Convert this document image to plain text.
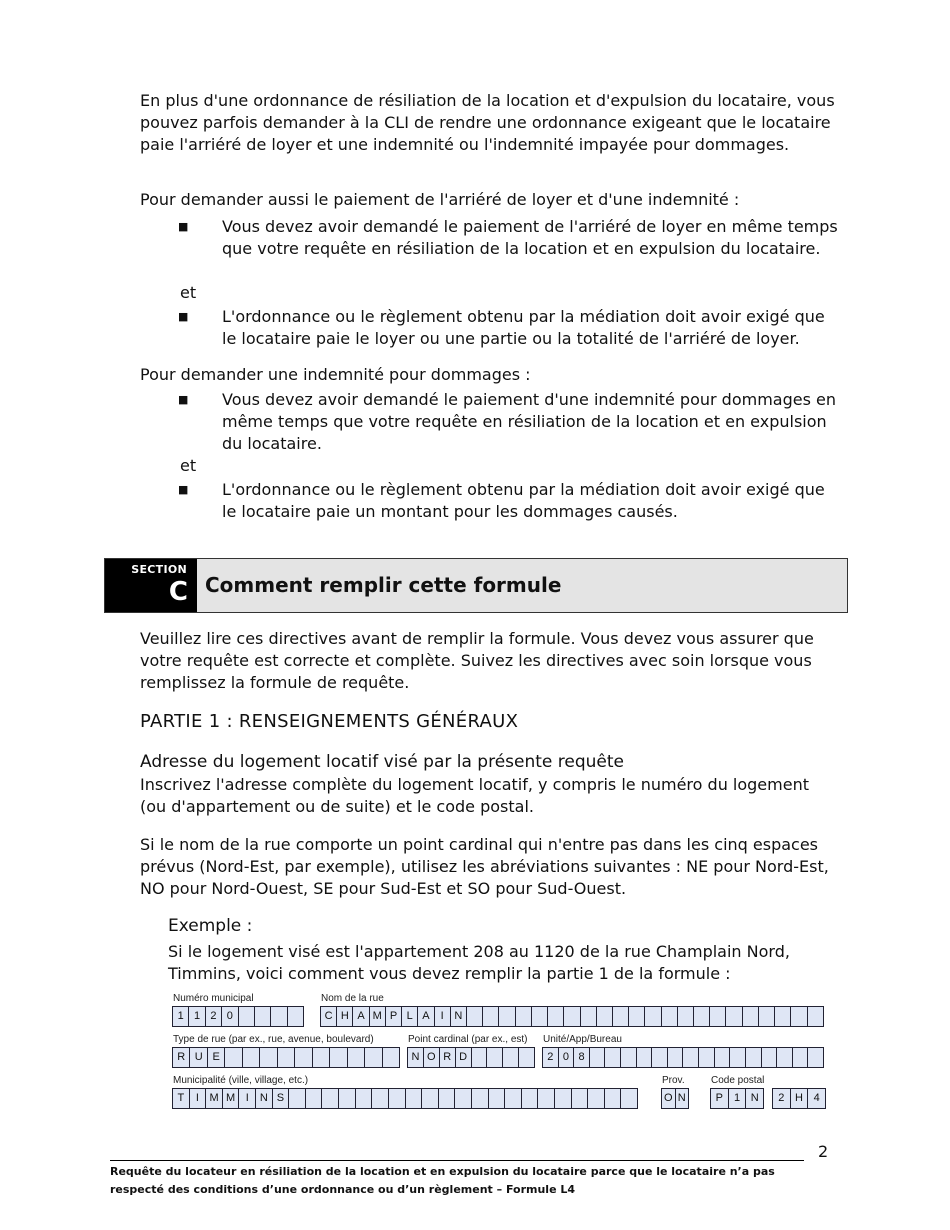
En plus d'une ordonnance de résiliation de la location et d'expulsion du locataire, vous pouvez parfois demander à la CLI de rendre une ordonnance exigeant que le locataire paie l'arriéré de loyer et une indemnité ou l'indemnité impayée pour dommages.

Pour demander aussi le paiement de l'arriéré de loyer et d'une indemnité :

■ Vous devez avoir demandé le paiement de l'arriéré de loyer en même temps que votre requête en résiliation de la location et en expulsion du locataire.
et
■ L'ordonnance ou le règlement obtenu par la médiation doit avoir exigé que le locataire paie le loyer ou une partie ou la totalité de l'arriéré de loyer.

Pour demander une indemnité pour dommages :

■ Vous devez avoir demandé le paiement d'une indemnité pour dommages en même temps que votre requête en résiliation de la location et en expulsion du locataire.
et
■ L'ordonnance ou le règlement obtenu par la médiation doit avoir exigé que le locataire paie un montant pour les dommages causés.
SECTION
C Comment remplir cette formule

Veuillez lire ces directives avant de remplir la formule. Vous devez vous assurer que votre requête est correcte et complète. Suivez les directives avec soin lorsque vous remplissez la formule de requête.

PARTIE 1 : RENSEIGNEMENTS GÉNÉRAUX
Adresse du logement locatif visé par la présente requête

Inscrivez l'adresse complète du logement locatif, y compris le numéro du logement (ou d'appartement ou de suite) et le code postal.

Si le nom de la rue comporte un point cardinal qui n'entre pas dans les cinq espaces prévus (Nord-Est, par exemple), utilisez les abréviations suivantes : NE pour Nord-Est, NO pour Nord-Ouest, SE pour Sud-Est et SO pour Sud-Ouest.

Exemple :

Si le logement visé est l'appartement 208 au 1120 de la rue Champlain Nord, Timmins, voici comment vous devez remplir la partie 1 de la formule :

Numéro municipal
1 1 2 0
Nom de la rue
C H A M P L A	I N
Type de rue (par ex., rue, avenue, boulevard)
R U E
Point cardinal (par ex., est)
N O R D
Unité/App/Bureau
2 0 8
Municipalité (ville, village, etc.)
T	I M M I	N S
Prov.
O N
Code postal
P 1 N	2 H 4
2
Requête du locateur en résiliation de la location et en expulsion du locataire parce que le locataire n’a pas respecté des conditions d’une ordonnance ou d’un règlement – Formule L4
